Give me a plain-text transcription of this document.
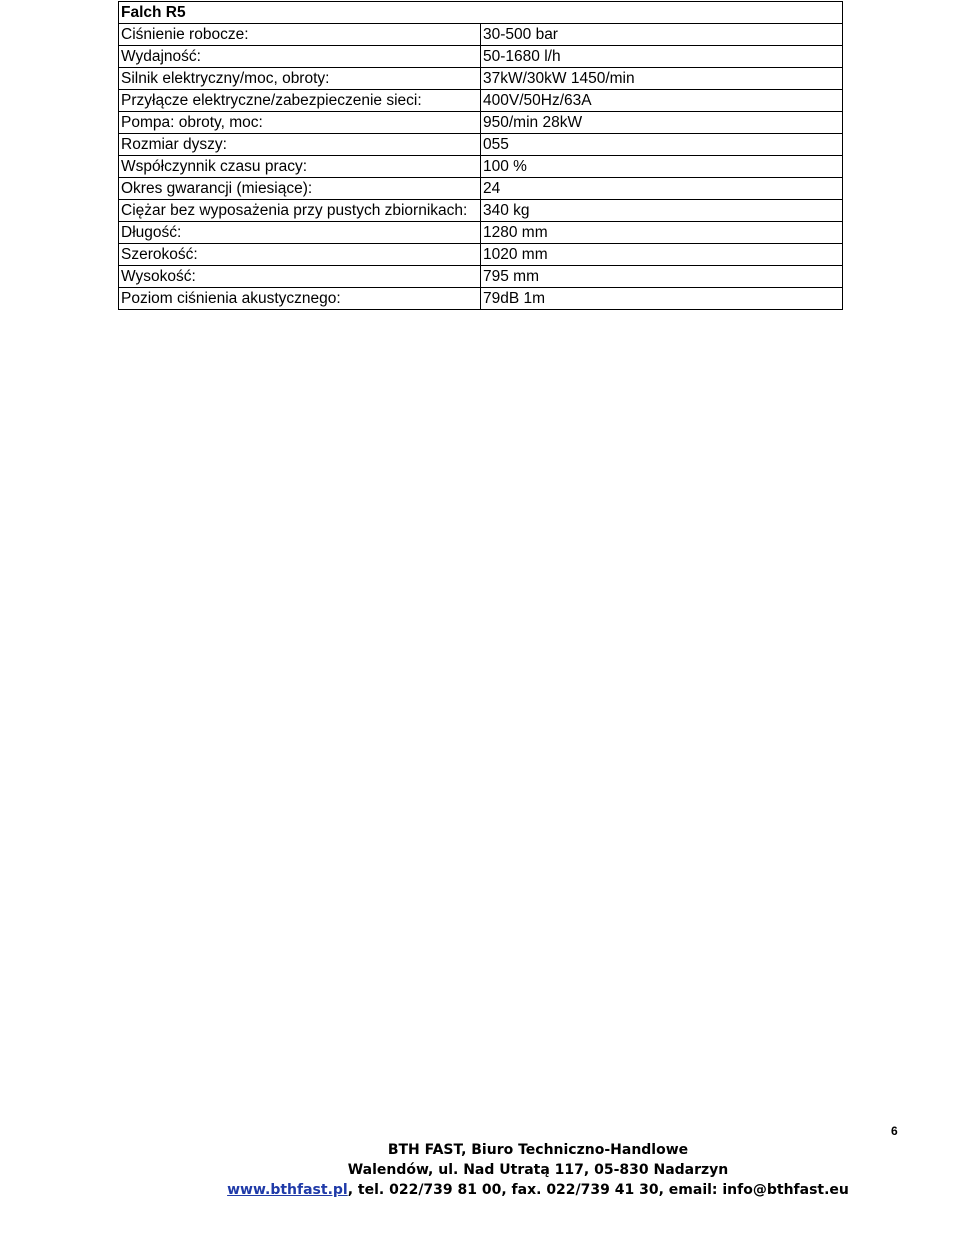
Falch R5	
Ciśnienie robocze:	30-500 bar
Wydajność:	50-1680 l/h
Silnik elektryczny/moc, obroty:	37kW/30kW 1450/min
Przyłącze elektryczne/zabezpieczenie sieci:	400V/50Hz/63A
Pompa: obroty, moc:	950/min 28kW
Rozmiar dyszy:	055
Współczynnik czasu pracy:	100 %
Okres gwarancji (miesiące):	24
Ciężar bez wyposażenia przy pustych zbiornikach:	340 kg
Długość:	1280 mm
Szerokość:	1020 mm
Wysokość:	795 mm
Poziom ciśnienia akustycznego:	79dB 1m
6
BTH FAST, Biuro Techniczno-Handlowe
Walendów, ul. Nad Utratą 117, 05-830 Nadarzyn
www.bthfast.pl, tel. 022/739 81 00, fax. 022/739 41 30, email: info@bthfast.eu
